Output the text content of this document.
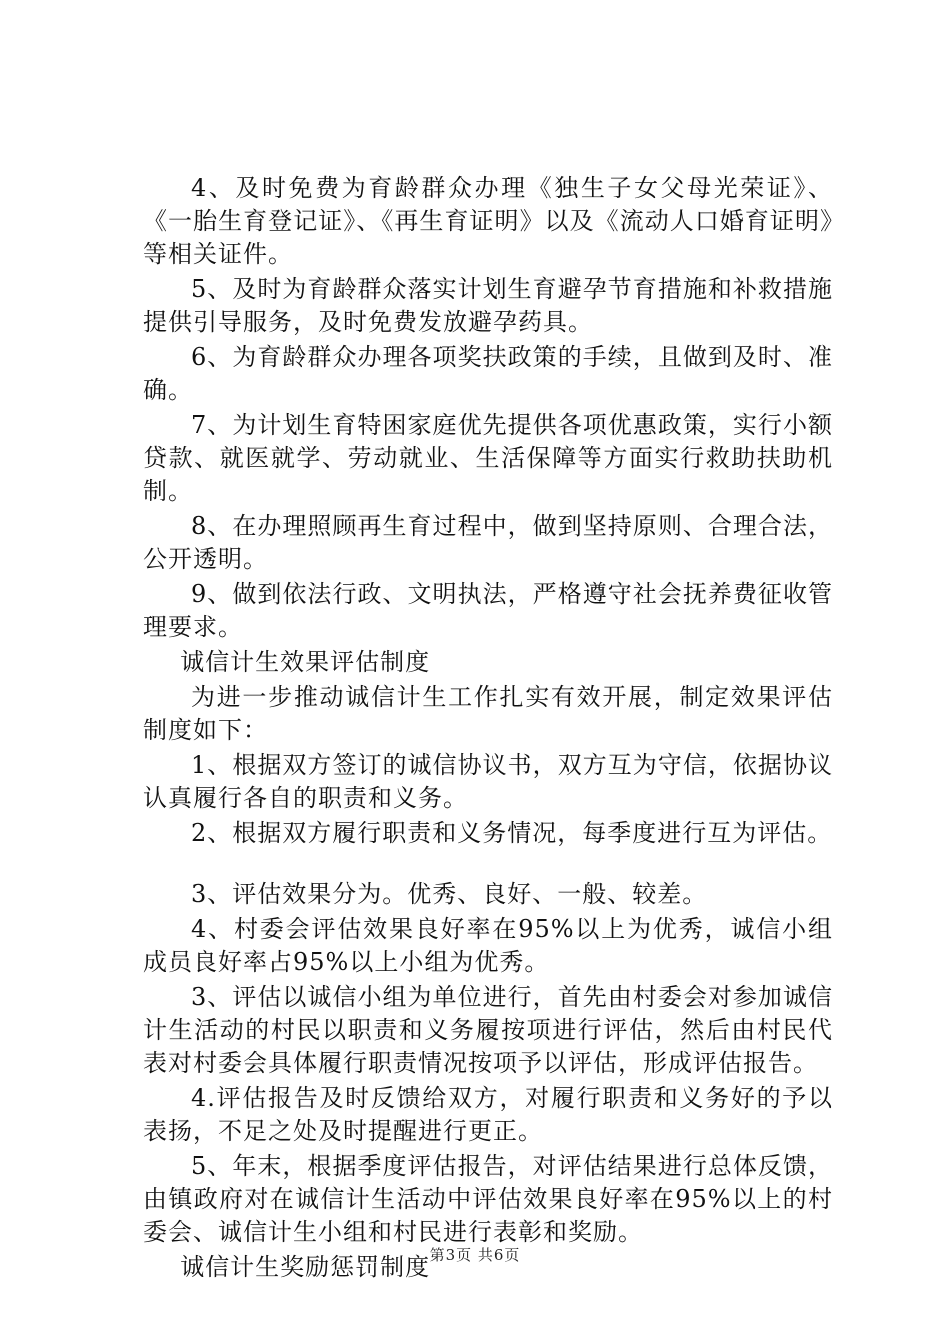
4、及时免费为育龄群众办理《独生子女父母光荣证》、《一胎生育登记证》、《再生育证明》以及《流动人口婚育证明》等相关证件。

5、及时为育龄群众落实计划生育避孕节育措施和补救措施提供引导服务，及时免费发放避孕药具。

6、为育龄群众办理各项奖扶政策的手续，且做到及时、准确。

7、为计划生育特困家庭优先提供各项优惠政策，实行小额贷款、就医就学、劳动就业、生活保障等方面实行救助扶助机制。

8、在办理照顾再生育过程中，做到坚持原则、合理合法，公开透明。

9、做到依法行政、文明执法，严格遵守社会抚养费征收管理要求。

诚信计生效果评估制度

为进一步推动诚信计生工作扎实有效开展，制定效果评估制度如下：

1、根据双方签订的诚信协议书，双方互为守信，依据协议认真履行各自的职责和义务。

2、根据双方履行职责和义务情况，每季度进行互为评估。

3、评估效果分为。优秀、良好、一般、较差。

4、村委会评估效果良好率在95%以上为优秀，诚信小组成员良好率占95%以上小组为优秀。

3、评估以诚信小组为单位进行，首先由村委会对参加诚信计生活动的村民以职责和义务履按项进行评估，然后由村民代表对村委会具体履行职责情况按项予以评估，形成评估报告。

4.评估报告及时反馈给双方，对履行职责和义务好的予以表扬，不足之处及时提醒进行更正。

5、年末，根据季度评估报告，对评估结果进行总体反馈，由镇政府对在诚信计生活动中评估效果良好率在95%以上的村委会、诚信计生小组和村民进行表彰和奖励。

诚信计生奖励惩罚制度 第3页 共6页
